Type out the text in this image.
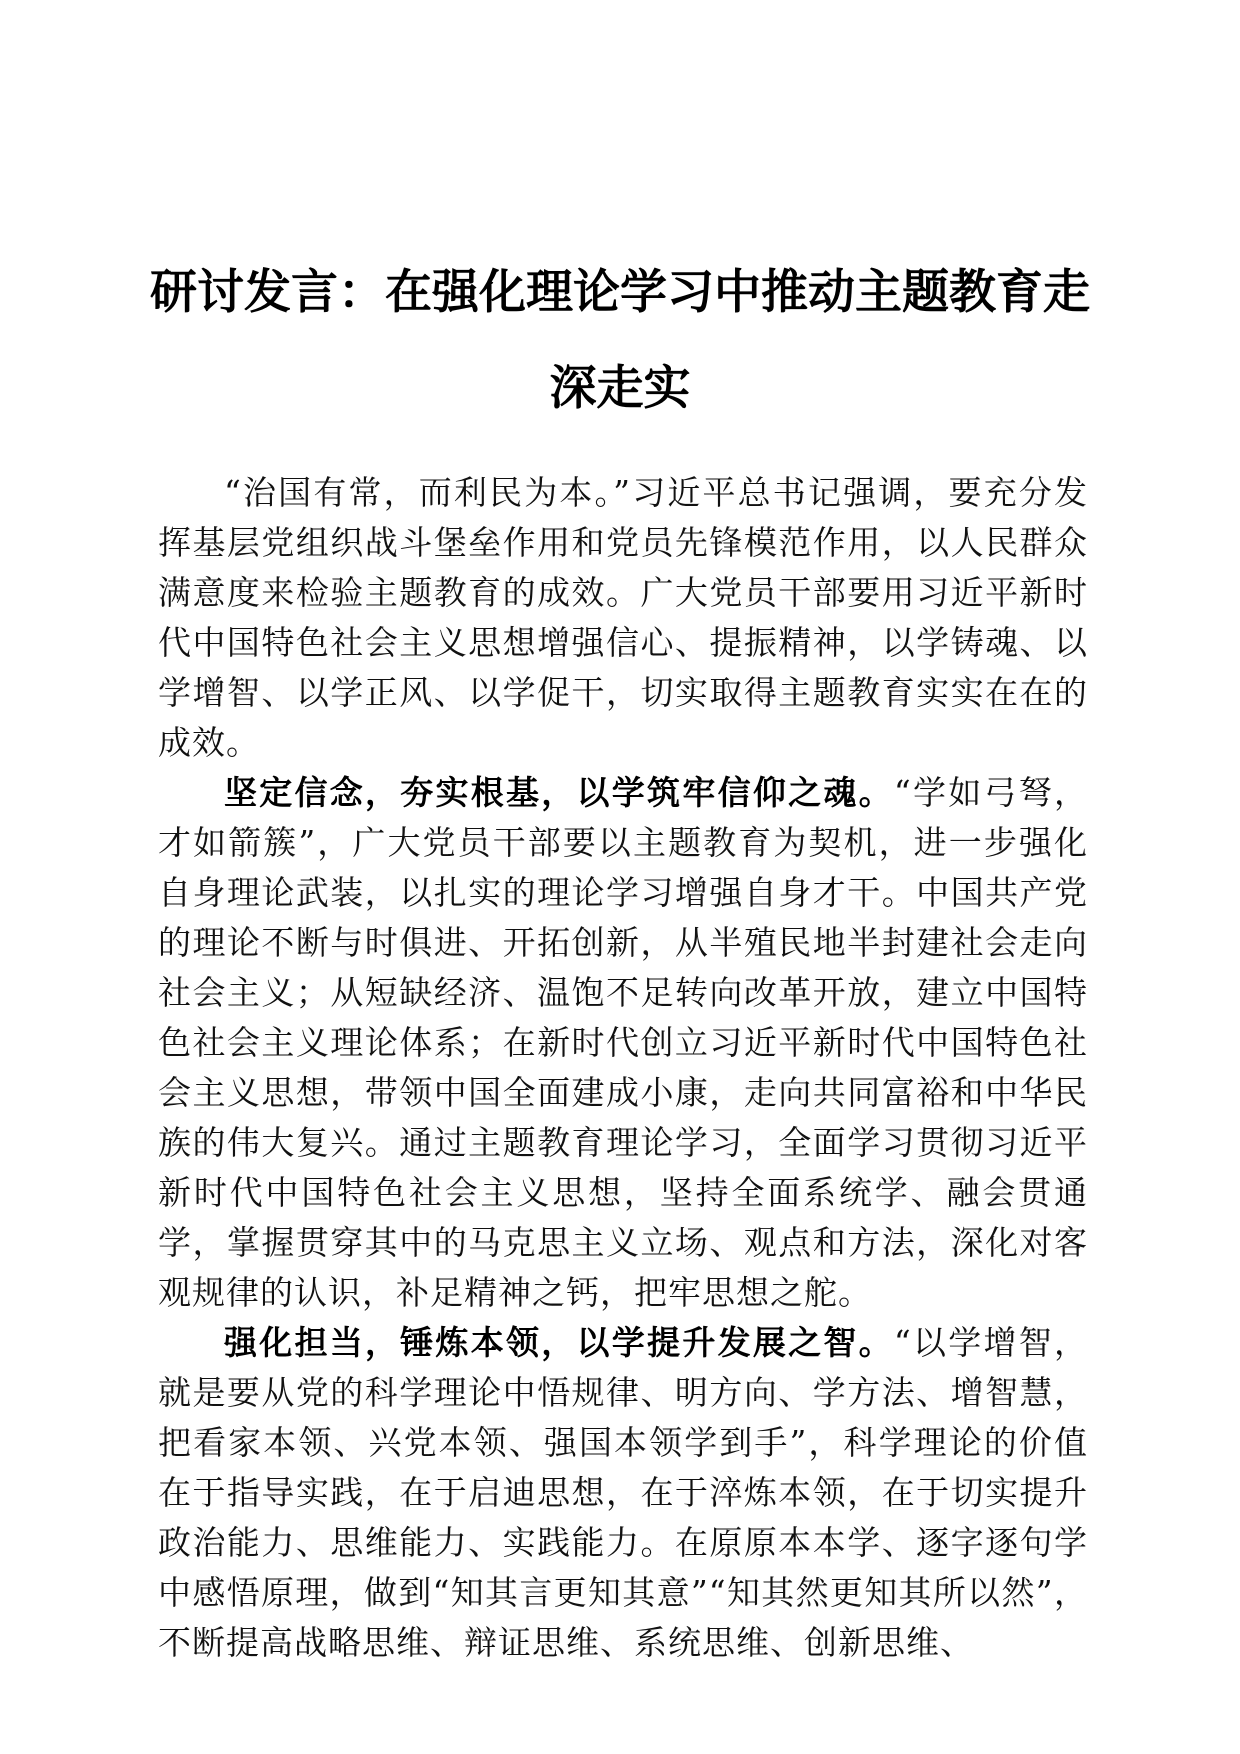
研讨发言：在强化理论学习中推动主题教育走深走实

“治国有常，而利民为本。”习近平总书记强调，要充分发挥基层党组织战斗堡垒作用和党员先锋模范作用，以人民群众满意度来检验主题教育的成效。广大党员干部要用习近平新时代中国特色社会主义思想增强信心、提振精神，以学铸魂、以学增智、以学正风、以学促干，切实取得主题教育实实在在的成效。

坚定信念，夯实根基，以学筑牢信仰之魂。“学如弓弩，才如箭簇”，广大党员干部要以主题教育为契机，进一步强化自身理论武装，以扎实的理论学习增强自身才干。中国共产党的理论不断与时俱进、开拓创新，从半殖民地半封建社会走向社会主义；从短缺经济、温饱不足转向改革开放，建立中国特色社会主义理论体系；在新时代创立习近平新时代中国特色社会主义思想，带领中国全面建成小康，走向共同富裕和中华民族的伟大复兴。通过主题教育理论学习，全面学习贯彻习近平新时代中国特色社会主义思想，坚持全面系统学、融会贯通学，掌握贯穿其中的马克思主义立场、观点和方法，深化对客观规律的认识，补足精神之钙，把牢思想之舵。

强化担当，锤炼本领，以学提升发展之智。“以学增智，就是要从党的科学理论中悟规律、明方向、学方法、增智慧，把看家本领、兴党本领、强国本领学到手”，科学理论的价值在于指导实践，在于启迪思想，在于淬炼本领，在于切实提升政治能力、思维能力、实践能力。在原原本本学、逐字逐句学中感悟原理，做到“知其言更知其意”“知其然更知其所以然”，不断提高战略思维、辩证思维、系统思维、创新思维、
